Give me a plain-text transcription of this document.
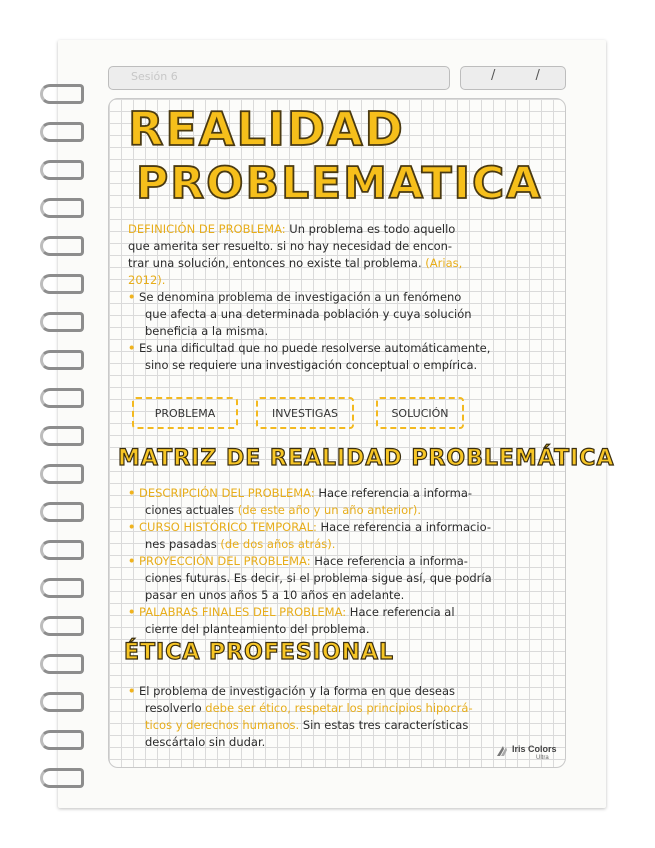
Sesión 6	/ /
REALIDAD
PROBLEMATICA
DEFINICIÓN DE PROBLEMA: Un problema es todo aquello
que amerita ser resuelto. si no hay necesidad de encon-
trar una solución, entonces no existe tal problema. (Arias,
2012).
• Se denomina problema de investigación a un fenómeno
que afecta a una determinada población y cuya solución
beneficia a la misma.
• Es una dificultad que no puede resolverse automáticamente,
sino se requiere una investigación conceptual o empírica.
PROBLEMA	INVESTIGAS	SOLUCIÓN
MATRIZ DE REALIDAD PROBLEMÁTICA
• DESCRIPCIÓN DEL PROBLEMA: Hace referencia a informa-
ciones actuales (de este año y un año anterior).
• CURSO HISTÓRICO TEMPORAL: Hace referencia a informacio-
nes pasadas (de dos años atrás).
• PROYECCIÓN DEL PROBLEMA: Hace referencia a informa-
ciones futuras. Es decir, si el problema sigue así, que podría
pasar en unos años 5 a 10 años en adelante.
• PALABRAS FINALES DEL PROBLEMA: Hace referencia al
cierre del planteamiento del problema.
ÉTICA PROFESIONAL
• El problema de investigación y la forma en que deseas
resolverlo debe ser ético, respetar los principios hipocrá-
ticos y derechos humanos. Sin estas tres características
descártalo sin dudar.	Iris Colors
Ultra
